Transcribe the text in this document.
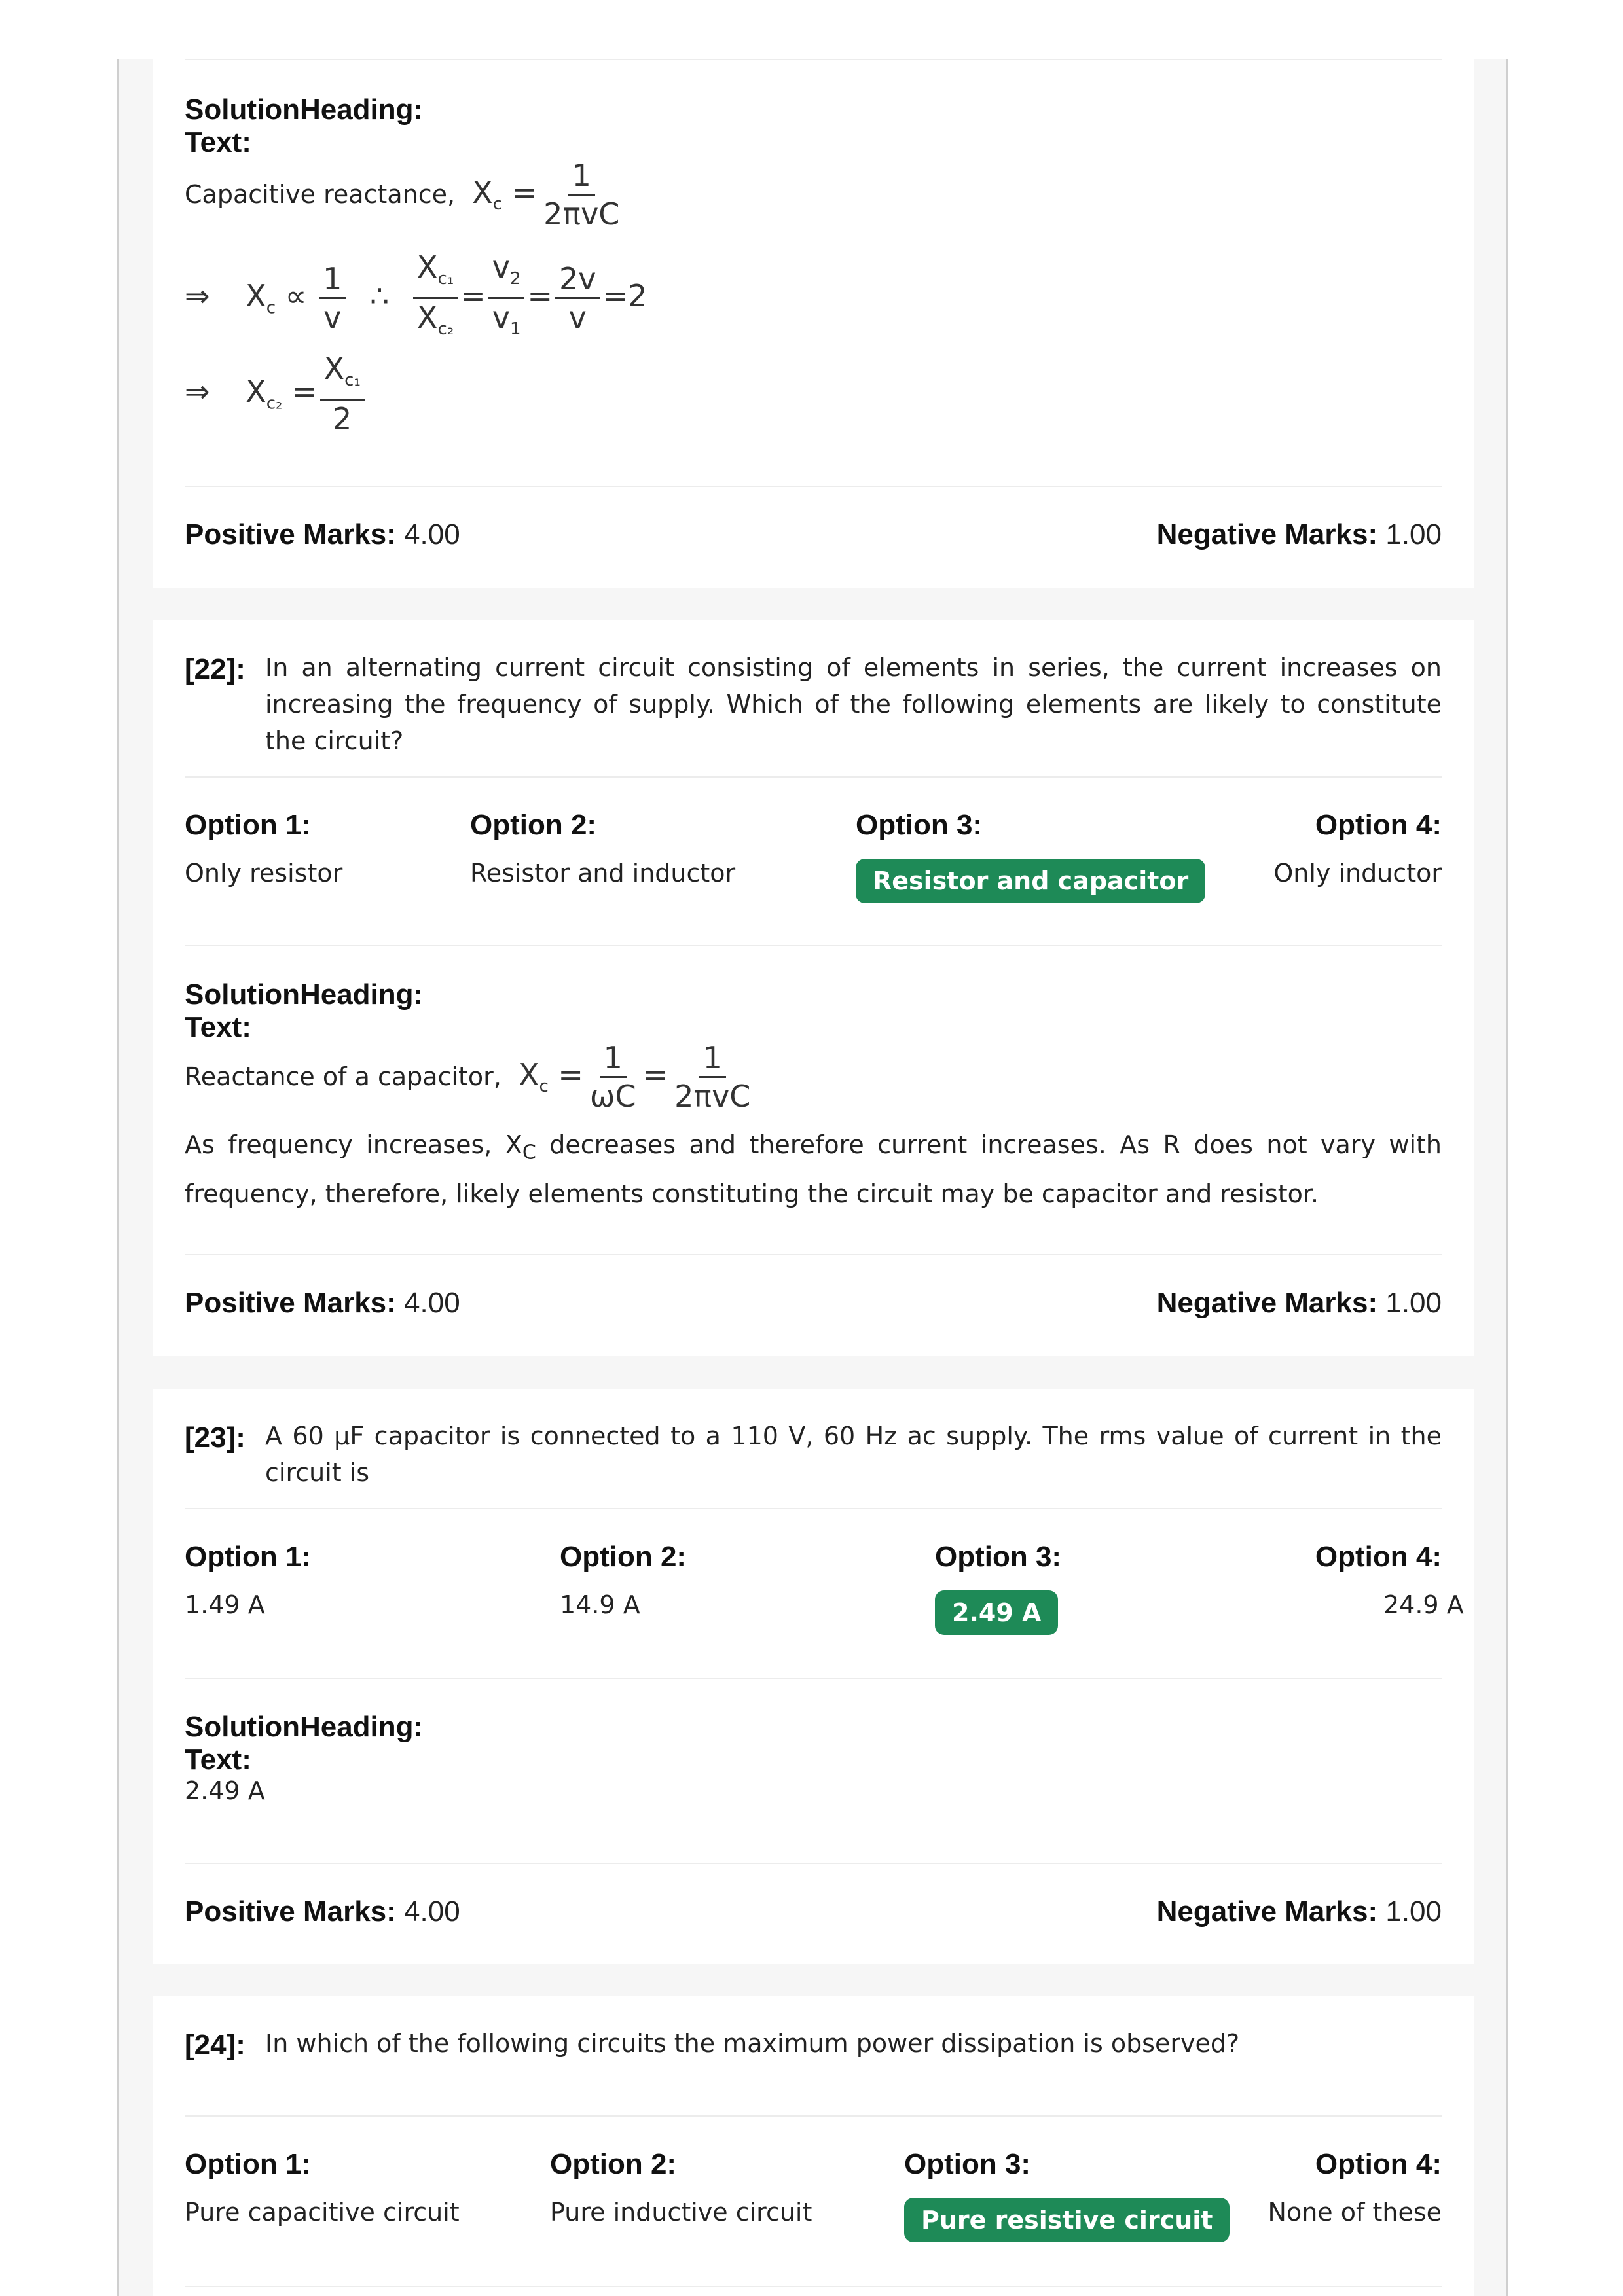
SolutionHeading:
Text:
Capacitive reactance, $X_c = \frac{1}{\text{2πvC}}$
⇒ $X_c \propto \frac{1}{v}$ ∴ $\frac{X_{c_1}}{X_{c_2}} = \frac{v_2}{v_1} = \frac{2v}{v} =2$
⇒ $X_{c_2} = \frac{X_{c_1}}{2}$
Positive Marks: 4.00	Negative Marks: 1.00
[22]: In an alternating current circuit consisting of elements in series, the current increases on increasing the frequency of supply. Which of the following elements are likely to constitute the circuit?
Option 1:	Option 2:	Option 3:	Option 4:
Only resistor	Resistor and inductor	Resistor and capacitor	Only inductor
SolutionHeading:
Text:
Reactance of a capacitor, $X_c = \frac{1}{\omega C} = \frac{1}{\text{2πvC}}$
As frequency increases, $X_C$ decreases and therefore current increases. As R does not vary with frequency, therefore, likely elements constituting the circuit may be capacitor and resistor.
Positive Marks: 4.00	Negative Marks: 1.00
[23]: A 60 μF capacitor is connected to a 110 V, 60 Hz ac supply. The rms value of current in the circuit is
Option 1:	Option 2:	Option 3:	Option 4:
1.49 A	14.9 A	2.49 A	24.9 A
SolutionHeading:
Text:
2.49 A
Positive Marks: 4.00	Negative Marks: 1.00
[24]: In which of the following circuits the maximum power dissipation is observed?
Option 1:	Option 2:	Option 3:	Option 4:
Pure capacitive circuit	Pure inductive circuit	Pure resistive circuit	None of these
